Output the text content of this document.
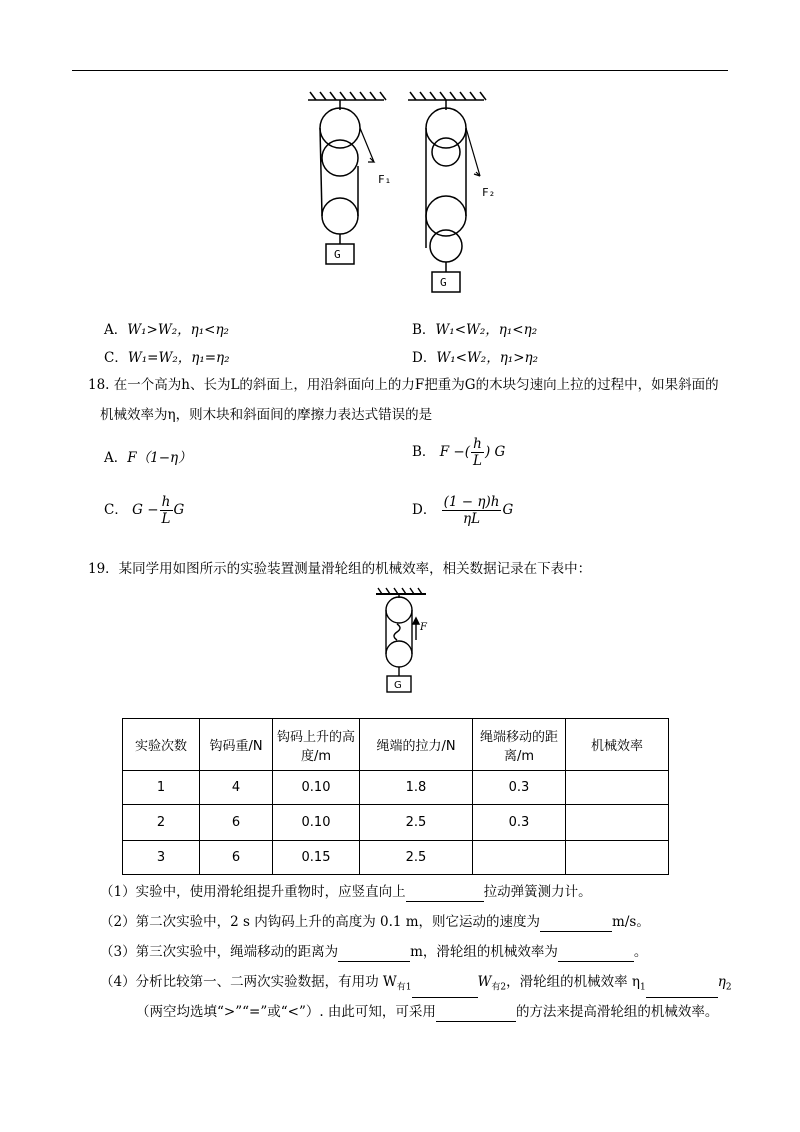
F₁
G
F₂
G
A．W₁>W₂，η₁<η₂	B．W₁<W₂，η₁<η₂
C．W₁=W₂，η₁=η₂	D．W₁<W₂，η₁>η₂
18. 在一个高为h、长为L的斜面上，用沿斜面向上的力F把重为G的木块匀速向上拉的过程中，如果斜面的
机械效率为η，则木块和斜面间的摩擦力表达式错误的是
A．F（1−η）	B． F −( $\frac{h}{L}$ ) G
C． $G - \frac{h}{L}$ G	D． $\frac{(1 - \eta)h}{\eta L}$ G
19．某同学用如图所示的实验装置测量滑轮组的机械效率，相关数据记录在下表中：
F
G
实验次数	钩码重/N	钩码上升的高度/m	绳端的拉力/N	绳端移动的距离/m	机械效率
1	4	0.10	1.8	0.3	
2	6	0.10	2.5	0.3	
3	6	0.15	2.5		
（1）实验中，使用滑轮组提升重物时，应竖直向上	拉动弹簧测力计。
（2）第二次实验中，2 s 内钩码上升的高度为 0.1 m，则它运动的速度为	m/s。
（3）第三次实验中，绳端移动的距离为	m，滑轮组的机械效率为	。
（4）分析比较第一、二两次实验数据，有用功 $W_{有1}$	$W_{有2}$，滑轮组的机械效率 $\eta_1$	$\eta_2$
（两空均选填“>”“=”或“<”）. 由此可知，可采用	的方法来提高滑轮组的机械效率。
